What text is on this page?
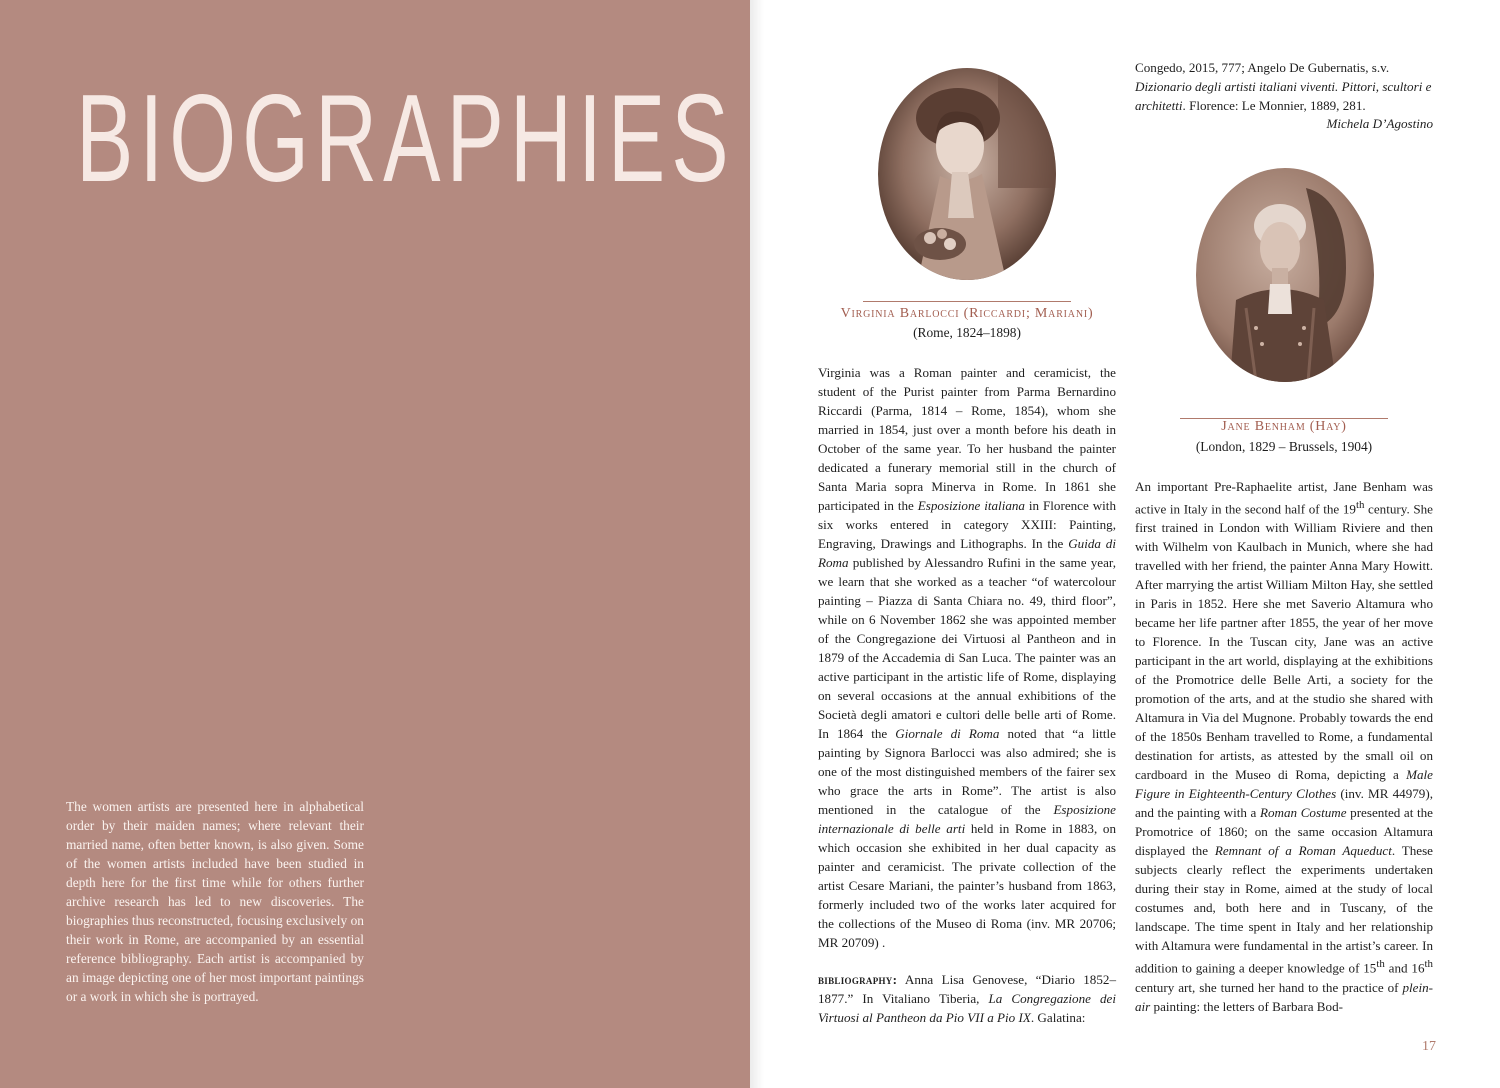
BIOGRAPHIES

The women artists are presented here in alphabetical order by their maiden names; where relevant their married name, often better known, is also given. Some of the women artists included have been studied in depth here for the first time while for others further archive research has led to new discoveries. The biographies thus reconstructed, focusing exclusively on their work in Rome, are accompanied by an essential reference bibliography. Each artist is accompanied by an image depicting one of her most important paintings or a work in which she is portrayed.

Virginia Barlocci (Riccardi; Mariani)

(Rome, 1824–1898)

Virginia was a Roman painter and ceramicist, the student of the Purist painter from Parma Bernardino Riccardi (Parma, 1814 – Rome, 1854), whom she married in 1854, just over a month before his death in October of the same year. To her husband the painter dedicated a funerary memorial still in the church of Santa Maria sopra Minerva in Rome. In 1861 she participated in the Esposizione italiana in Florence with six works entered in category XXIII: Painting, Engraving, Drawings and Lithographs. In the Guida di Roma published by Alessandro Rufini in the same year, we learn that she worked as a teacher “of watercolour painting – Piazza di Santa Chiara no. 49, third floor”, while on 6 November 1862 she was appointed member of the Congregazione dei Virtuosi al Pantheon and in 1879 of the Accademia di San Luca. The painter was an active participant in the artistic life of Rome, displaying on several occasions at the annual exhibitions of the Società degli amatori e cultori delle belle arti of Rome. In 1864 the Giornale di Roma noted that “a little painting by Signora Barlocci was also admired; she is one of the most distinguished members of the fairer sex who grace the arts in Rome”. The artist is also mentioned in the catalogue of the Esposizione internazionale di belle arti held in Rome in 1883, on which occasion she exhibited in her dual capacity as painter and ceramicist. The private collection of the artist Cesare Mariani, the painter’s husband from 1863, formerly included two of the works later acquired for the collections of the Museo di Roma (inv. MR 20706; MR 20709) .

bibliography: Anna Lisa Genovese, “Diario 1852–1877.” In Vitaliano Tiberia, La Congregazione dei Virtuosi al Pantheon da Pio VII a Pio IX. Galatina:

Congedo, 2015, 777; Angelo De Gubernatis, s.v. Dizionario degli artisti italiani viventi. Pittori, scultori e architetti. Florence: Le Monnier, 1889, 281.

Michela D’Agostino

Jane Benham (Hay)

(London, 1829 – Brussels, 1904)

An important Pre-Raphaelite artist, Jane Benham was active in Italy in the second half of the 19th century. She first trained in London with William Riviere and then with Wilhelm von Kaulbach in Munich, where she had travelled with her friend, the painter Anna Mary Howitt. After marrying the artist William Milton Hay, she settled in Paris in 1852. Here she met Saverio Altamura who became her life partner after 1855, the year of her move to Florence. In the Tuscan city, Jane was an active participant in the art world, displaying at the exhibitions of the Promotrice delle Belle Arti, a society for the promotion of the arts, and at the studio she shared with Altamura in Via del Mugnone. Probably towards the end of the 1850s Benham travelled to Rome, a fundamental destination for artists, as attested by the small oil on cardboard in the Museo di Roma, depicting a Male Figure in Eighteenth-Century Clothes (inv. MR 44979), and the painting with a Roman Costume presented at the Promotrice of 1860; on the same occasion Altamura displayed the Remnant of a Roman Aqueduct. These subjects clearly reflect the experiments undertaken during their stay in Rome, aimed at the study of local costumes and, both here and in Tuscany, of the landscape. The time spent in Italy and her relationship with Altamura were fundamental in the artist’s career. In addition to gaining a deeper knowledge of 15th and 16th century art, she turned her hand to the practice of plein-air painting: the letters of Barbara Bod-

17
